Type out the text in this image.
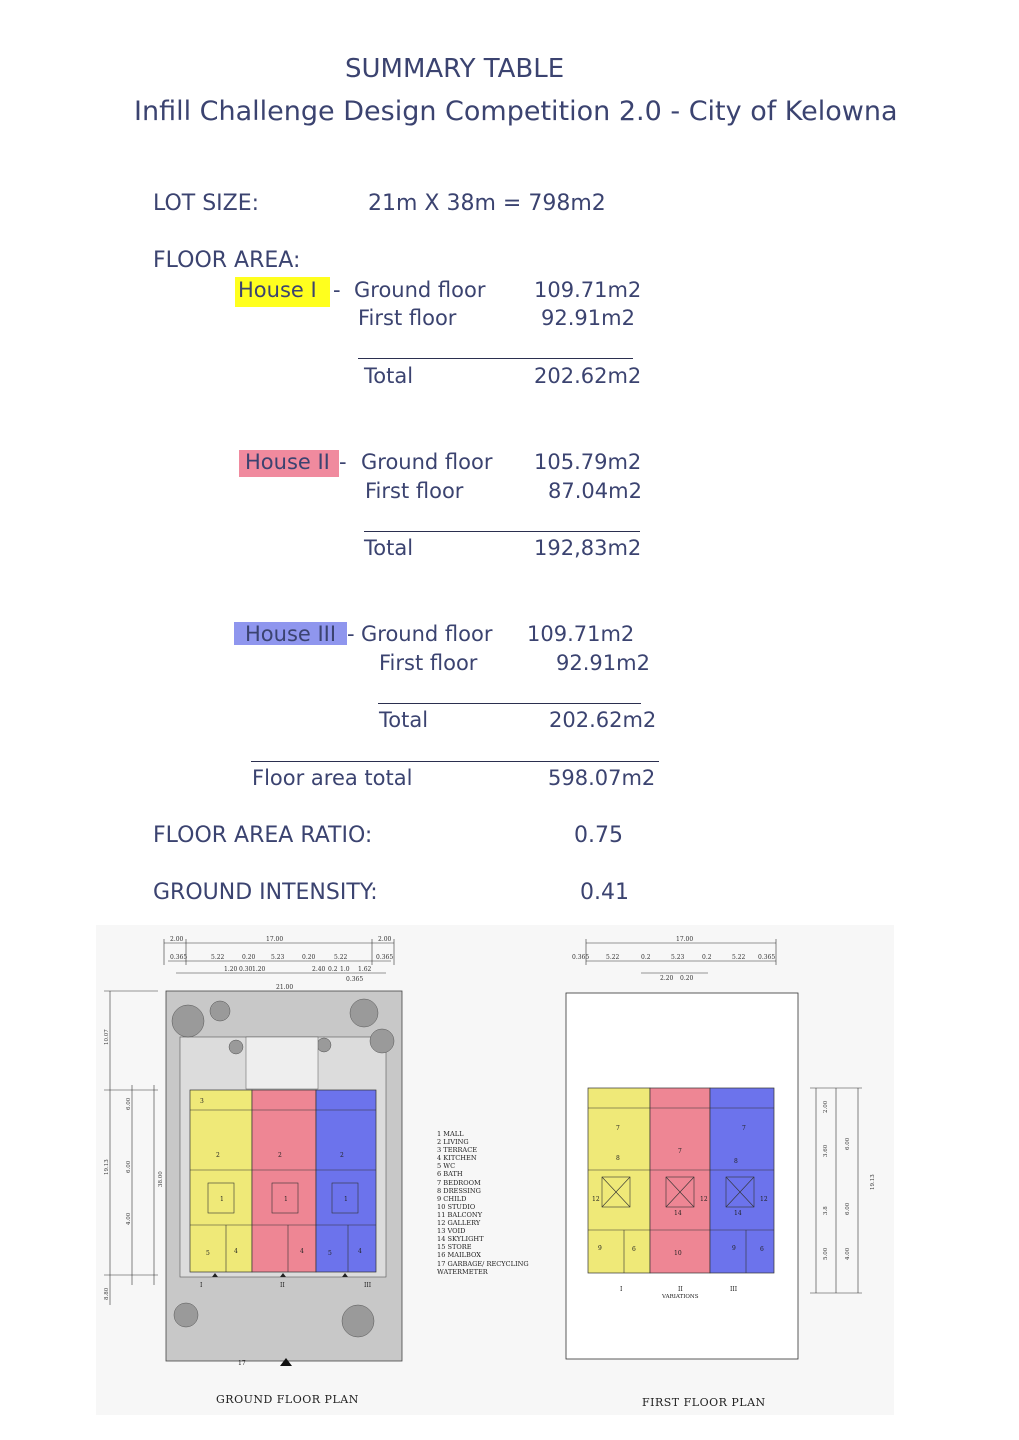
SUMMARY TABLE
Infill Challenge Design Competition 2.0 - City of Kelowna
LOT SIZE:	21m X 38m = 798m2
FLOOR AREA:
House I - Ground floor 109.71m2
First floor	92.91m2
Total	202.62m2
House II - Ground floor 105.79m2
First floor	87.04m2
Total	192,83m2
House III - Ground floor 109.71m2
First floor	92.91m2
Total	202.62m2
Floor area total	598.07m2
FLOOR AREA RATIO:	0.75
GROUND INTENSITY:	0.41
2.00	17.00	2.00
0.365	5.22	0.20	5.23	0.20	5.22	0.365
1.20 0.30 1.20	2.40 0.2 1.0 1.62
0.365
21.00
10.07
19.13
8.80
38.00
6.00
6.00
4.00
2	2	2
1	1	1
4	4	4
3
5	5
I	II	III
17
17.00
0.365	5.22	0.2	5.23	0.2	5.22 0.365
2.20 0.20
7
7
7
8	8
12	12	12
14	14
9	9
10
6	6
I	II	III
VARIATIONS
2.00
3.60
6.00
3.8	6.00
5.00	4.00
19.13
1 MALL
2 LIVING
3 TERRACE
4 KITCHEN
5 WC
6 BATH
7 BEDROOM
8 DRESSING
9 CHILD
10 STUDIO
11 BALCONY
12 GALLERY
13 VOID
14 SKYLIGHT
15 STORE
16 MAILBOX
17 GARBAGE/ RECYCLING
WATERMETER
GROUND FLOOR PLAN	FIRST FLOOR PLAN
